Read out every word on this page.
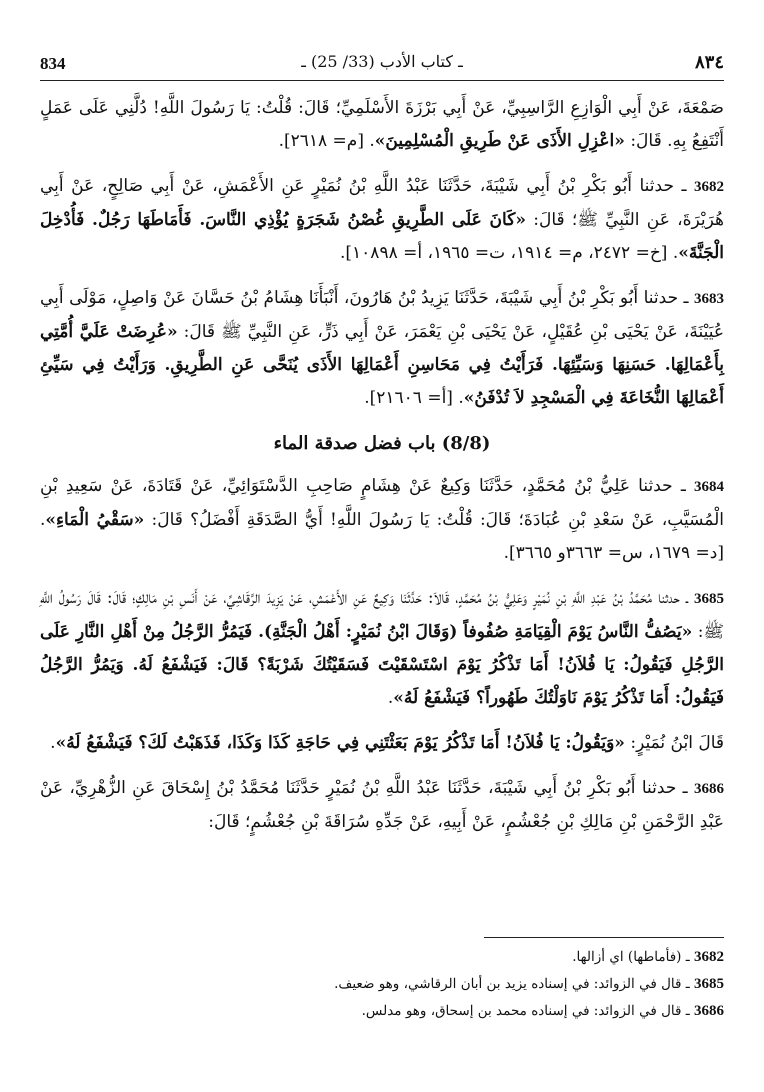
834	ـ كتاب الأدب (33/ 25) ـ	٨٣٤

صَمْعَةَ، عَنْ أَبِي الْوَازِعِ الرَّاسِبِيِّ، عَنْ أَبِي بَرْزَةَ الأَسْلَمِيِّ؛ قَالَ: قُلْتُ: يَا رَسُولَ اللَّهِ! دُلَّنِي عَلَى عَمَلٍ أَنْتَفِعُ بِهِ. قَالَ: «اعْزِلِ الأَذَى عَنْ طَرِيقِ الْمُسْلِمِينَ». [م= ٢٦١٨].

3682 ـ حدثنا أَبُو بَكْرِ بْنُ أَبِي شَيْبَةَ، حَدَّثَنَا عَبْدُ اللَّهِ بْنُ نُمَيْرٍ عَنِ الأَعْمَشِ، عَنْ أَبِي صَالِحٍ، عَنْ أَبِي هُرَيْرَةَ، عَنِ النَّبِيِّ ﷺ؛ قَالَ: «كَانَ عَلَى الطَّرِيقِ غُصْنُ شَجَرَةٍ يُؤْذِي النَّاسَ. فَأَمَاطَهَا رَجُلٌ. فَأُدْخِلَ الْجَنَّةَ». [خ= ٢٤٧٢، م= ١٩١٤، ت= ١٩٦٥، أ= ١٠٨٩٨].

3683 ـ حدثنا أَبُو بَكْرِ بْنُ أَبِي شَيْبَةَ، حَدَّثَنَا يَزِيدُ بْنُ هَارُونَ، أَنْبَأَنَا هِشَامُ بْنُ حَسَّانَ عَنْ وَاصِلٍ، مَوْلَى أَبِي عُيَيْنَةَ، عَنْ يَحْيَى بْنِ عُقَيْلٍ، عَنْ يَحْيَى بْنِ يَعْمَرَ، عَنْ أَبِي ذَرٍّ، عَنِ النَّبِيِّ ﷺ قَالَ: «عُرِضَتْ عَلَيَّ أُمَّتِي بِأَعْمَالِهَا. حَسَنِهَا وَسَيِّئِهَا. فَرَأَيْتُ فِي مَحَاسِنِ أَعْمَالِهَا الأَذَى يُنَحَّى عَنِ الطَّرِيقِ. وَرَأَيْتُ فِي سَيِّئِ أَعْمَالِهَا النُّخَاعَةَ فِي الْمَسْجِدِ لاَ تُدْفَنُ». [أ= ٢١٦٠٦].

(8/8) باب فضل صدقة الماء

3684 ـ حدثنا عَلِيُّ بْنُ مُحَمَّدٍ، حَدَّثَنَا وَكِيعٌ عَنْ هِشَامٍ صَاحِبِ الدَّسْتَوَائِيِّ، عَنْ قَتَادَةَ، عَنْ سَعِيدِ بْنِ الْمُسَيَّبِ، عَنْ سَعْدِ بْنِ عُبَادَةَ؛ قَالَ: قُلْتُ: يَا رَسُولَ اللَّهِ! أَيُّ الصَّدَقَةِ أَفْضَلُ؟ قَالَ: «سَقْيُ الْمَاءِ». [د= ١٦٧٩، س= ٣٦٦٣و ٣٦٦٥].

3685 ـ حدثنا مُحَمَّدُ بْنُ عَبْدِ اللَّهِ بْنِ نُمَيْرٍ وَعَلِيُّ بْنُ مُحَمَّدٍ، قَالاَ: حَدَّثَنَا وَكِيعٌ عَنِ الأَعْمَشِ، عَنْ يَزِيدَ الرَّقَاشِيِّ، عَنْ أَنَسِ بْنِ مَالِكٍ؛ قَالَ: قَالَ رَسُولُ اللَّهِ ﷺ: «يَصُفُّ النَّاسُ يَوْمَ الْقِيَامَةِ صُفُوفاً (وَقَالَ ابْنُ نُمَيْرٍ: أَهْلُ الْجَنَّةِ). فَيَمُرُّ الرَّجُلُ مِنْ أَهْلِ النَّارِ عَلَى الرَّجُلِ فَيَقُولُ: يَا فُلاَنُ! أَمَا تَذْكُرُ يَوْمَ اسْتَسْقَيْتَ فَسَقَيْتُكَ شَرْبَةً؟ قَالَ: فَيَشْفَعُ لَهُ. وَيَمُرُّ الرَّجُلُ فَيَقُولُ: أَمَا تَذْكُرُ يَوْمَ نَاوَلْتُكَ طَهُوراً؟ فَيَشْفَعُ لَهُ».

قَالَ ابْنُ نُمَيْرٍ: «وَيَقُولُ: يَا فُلاَنُ! أَمَا تَذْكُرُ يَوْمَ بَعَثْتَنِي فِي حَاجَةِ كَذَا وَكَذَا، فَذَهَبْتُ لَكَ؟ فَيَشْفَعُ لَهُ».

3686 ـ حدثنا أَبُو بَكْرِ بْنُ أَبِي شَيْبَةَ، حَدَّثَنَا عَبْدُ اللَّهِ بْنُ نُمَيْرٍ حَدَّثَنَا مُحَمَّدُ بْنُ إِسْحَاقَ عَنِ الزُّهْرِيِّ، عَنْ عَبْدِ الرَّحْمَنِ بْنِ مَالِكِ بْنِ جُعْشُمٍ، عَنْ أَبِيهِ، عَنْ جَدِّهِ سُرَاقَةَ بْنِ جُعْشُمٍ؛ قَالَ:

3682 ـ (فأماطها) اي أزالها.

3685 ـ قال في الزوائد: في إسناده يزيد بن أبان الرقاشي، وهو ضعيف.

3686 ـ قال في الزوائد: في إسناده محمد بن إسحاق، وهو مدلس.
